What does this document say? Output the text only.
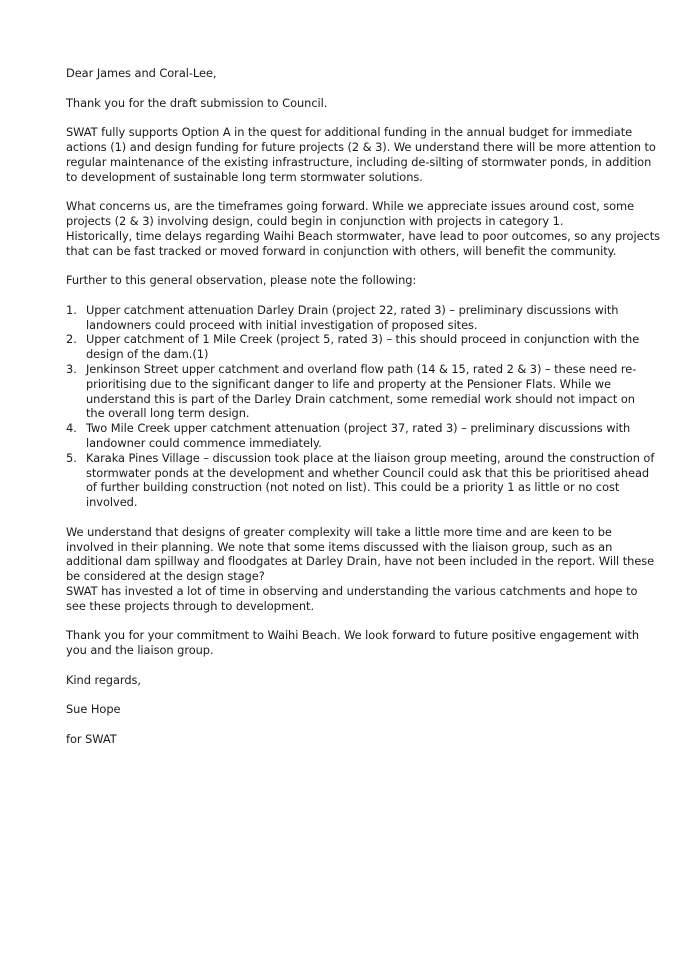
Dear James and Coral-Lee,

Thank you for the draft submission to Council.

SWAT fully supports Option A in the quest for additional funding in the annual budget for immediate
actions (1) and design funding for future projects (2 & 3). We understand there will be more attention to
regular maintenance of the existing infrastructure, including de-silting of stormwater ponds, in addition
to development of sustainable long term stormwater solutions.

What concerns us, are the timeframes going forward. While we appreciate issues around cost, some
projects (2 & 3) involving design, could begin in conjunction with projects in category 1.
Historically, time delays regarding Waihi Beach stormwater, have lead to poor outcomes, so any projects
that can be fast tracked or moved forward in conjunction with others, will benefit the community.

Further to this general observation, please note the following:

1. Upper catchment attenuation Darley Drain (project 22, rated 3) – preliminary discussions with
landowners could proceed with initial investigation of proposed sites.
2. Upper catchment of 1 Mile Creek (project 5, rated 3) – this should proceed in conjunction with the
design of the dam.(1)
3. Jenkinson Street upper catchment and overland flow path (14 & 15, rated 2 & 3) – these need re-
prioritising due to the significant danger to life and property at the Pensioner Flats. While we
understand this is part of the Darley Drain catchment, some remedial work should not impact on
the overall long term design.
4. Two Mile Creek upper catchment attenuation (project 37, rated 3) – preliminary discussions with
landowner could commence immediately.
5. Karaka Pines Village – discussion took place at the liaison group meeting, around the construction of
stormwater ponds at the development and whether Council could ask that this be prioritised ahead
of further building construction (not noted on list). This could be a priority 1 as little or no cost
involved.

We understand that designs of greater complexity will take a little more time and are keen to be
involved in their planning. We note that some items discussed with the liaison group, such as an
additional dam spillway and floodgates at Darley Drain, have not been included in the report. Will these
be considered at the design stage?
SWAT has invested a lot of time in observing and understanding the various catchments and hope to
see these projects through to development.

Thank you for your commitment to Waihi Beach. We look forward to future positive engagement with
you and the liaison group.

Kind regards,

Sue Hope

for SWAT
